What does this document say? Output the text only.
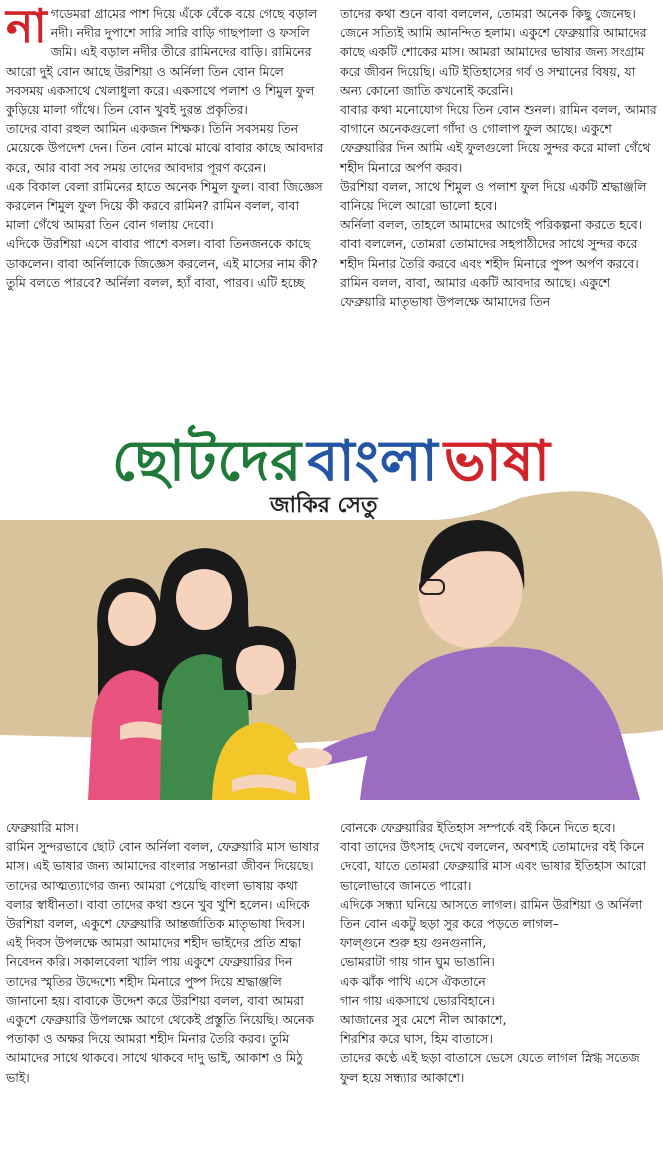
না গডেমরা গ্রামের পাশ দিয়ে এঁকে বেঁকে বয়ে গেছে বড়াল নদী। নদীর দুপাশে সারি সারি বাড়ি গাছপালা ও ফসলি জমি। এই বড়াল নদীর তীরে রামিনদের বাড়ি। রামিনের আরো দুই বোন আছে উরশিয়া ও অর্নিলা তিন বোন মিলে সবসময় একসাথে খেলাধুলা করে। একসাথে পলাশ ও শিমুল ফুল কুড়িয়ে মালা গাঁথে। তিন বোন খুবই দুরন্ত প্রকৃতির।

তাদের বাবা রহুল আমিন একজন শিক্ষক। তিনি সবসময় তিন মেয়েকে উপদেশ দেন। তিন বোন মাঝে মাঝে বাবার কাছে আবদার করে, আর বাবা সব সময় তাদের আবদার পূরণ করেন।

এক বিকাল বেলা রামিনের হাতে অনেক শিমুল ফুল। বাবা জিজ্ঞেস করলেন শিমুল ফুল দিয়ে কী করবে রামিন? রামিন বলল, বাবা মালা গেঁথে আমরা তিন বোন গলায় দেবো।

এদিকে উরশিয়া এসে বাবার পাশে বসল। বাবা তিনজনকে কাছে ডাকলেন। বাবা অর্নিলাকে জিজ্ঞেস করলেন, এই মাসের নাম কী? তুমি বলতে পারবে? অর্নিলা বলল, হ্যাঁ বাবা, পারব। এটি হচ্ছে

তাদের কথা শুনে বাবা বললেন, তোমরা অনেক কিছু জেনেছ। জেনে সত্যিই আমি আনন্দিত হলাম। একুশে ফেব্রুয়ারি আমাদের কাছে একটি শোকের মাস। আমরা আমাদের ভাষার জন্য সংগ্রাম করে জীবন দিয়েছি। এটি ইতিহাসের গর্ব ও সম্মানের বিষয়, যা অন্য কোনো জাতি কখনোই করেনি।

বাবার কথা মনোযোগ দিয়ে তিন বোন শুনল। রামিন বলল, আমার বাগানে অনেকগুলো গাঁদা ও গোলাপ ফুল আছে। একুশে ফেব্রুয়ারির দিন আমি এই ফুলগুলো দিয়ে সুন্দর করে মালা গেঁথে শহীদ মিনারে অর্পণ করব।

উরশিয়া বলল, সাথে শিমুল ও পলাশ ফুল দিয়ে একটি শ্রদ্ধাঞ্জলি বানিয়ে দিলে আরো ভালো হবে।

অর্নিলা বলল, তাহলে আমাদের আগেই পরিকল্পনা করতে হবে।

বাবা বললেন, তোমরা তোমাদের সহপাঠীদের সাথে সুন্দর করে শহীদ মিনার তৈরি করবে এবং শহীদ মিনারে পুষ্প অর্পণ করবে।

রামিন বলল, বাবা, আমার একটি আবদার আছে। একুশে ফেব্রুয়ারি মাতৃভাষা উপলক্ষে আমাদের তিন

ছোটদের বাংলা ভাষা
জাকির সেতু

ফেব্রুয়ারি মাস।

রামিন সুন্দরভাবে ছোট বোন অর্নিলা বলল, ফেব্রুয়ারি মাস ভাষার মাস। এই ভাষার জন্য আমাদের বাংলার সন্তানরা জীবন দিয়েছে। তাদের আত্মত্যাগের জন্য আমরা পেয়েছি বাংলা ভাষায় কথা বলার স্বাধীনতা। বাবা তাদের কথা শুনে খুব খুশি হলেন। এদিকে উরশিয়া বলল, একুশে ফেব্রুয়ারি আন্তর্জাতিক মাতৃভাষা দিবস। এই দিবস উপলক্ষে আমরা আমাদের শহীদ ভাইদের প্রতি শ্রদ্ধা নিবেদন করি। সকালবেলা খালি পায় একুশে ফেব্রুয়ারির দিন তাদের স্মৃতির উদ্দেশ্যে শহীদ মিনারে পুষ্প দিয়ে শ্রদ্ধাঞ্জলি জানানো হয়। বাবাকে উদ্দেশ করে উরশিয়া বলল, বাবা আমরা একুশে ফেব্রুয়ারি উপলক্ষে আগে থেকেই প্রস্তুতি নিয়েছি। অনেক পতাকা ও অক্ষর দিয়ে আমরা শহীদ মিনার তৈরি করব। তুমি আমাদের সাথে থাকবে। সাথে থাকবে দাদু ভাই, আকাশ ও মিঠু ভাই।

বোনকে ফেব্রুয়ারির ইতিহাস সম্পর্কে বই কিনে দিতে হবে।

বাবা তাদের উৎসাহ দেখে বললেন, অবশ্যই তোমাদের বই কিনে দেবো, যাতে তোমরা ফেব্রুয়ারি মাস এবং ভাষার ইতিহাস আরো ভালোভাবে জানতে পারো।

এদিকে সন্ধ্যা ঘনিয়ে আসতে লাগল। রামিন উরশিয়া ও অর্নিলা তিন বোন একটু ছড়া সুর করে পড়তে লাগল–

ফাল্গুনে শুরু হয় গুনগুনানি,

ভোমরাটা গায় গান ঘুম ভাঙানি।

এক ঝাঁক পাখি এসে ঐকতানে

গান গায় একসাথে ভোরবিহানে।

আজানের সুর মেশে নীল আকাশে,

শিরশির করে ঘাস, হিম বাতাসে।

তাদের কণ্ঠে এই ছড়া বাতাসে ভেসে যেতে লাগল স্নিগ্ধ সতেজ ফুল হয়ে সন্ধ্যার আকাশে।
